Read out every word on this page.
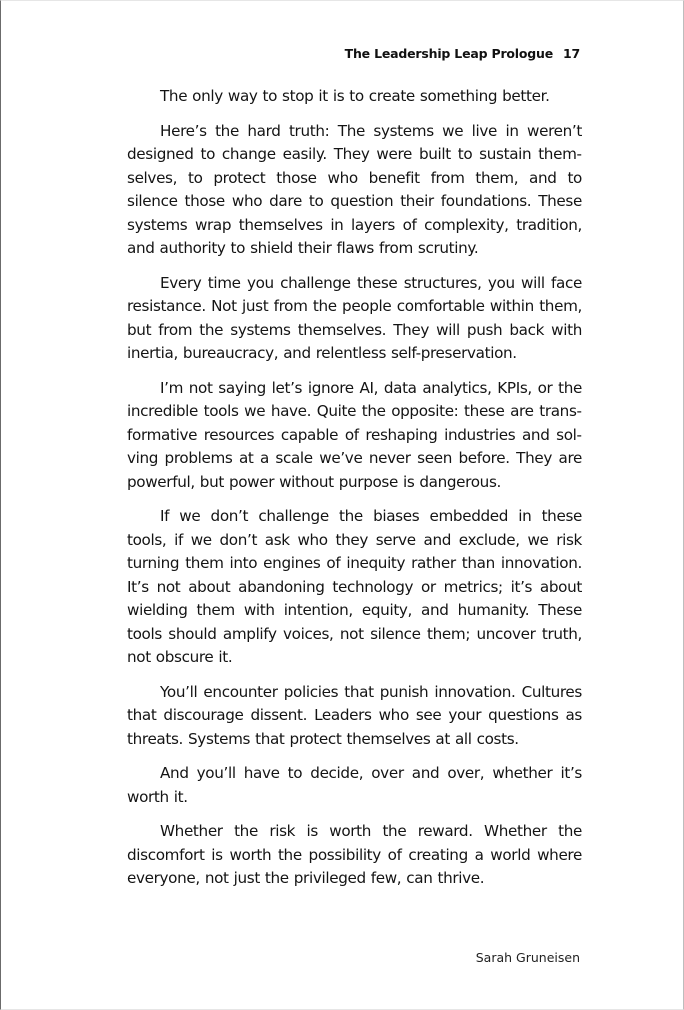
The Leadership Leap Prologue 17

The only way to stop it is to create something better.

Here’s the hard truth: The systems we live in weren’t designed to change easily. They were built to sustain themselves, to protect those who benefit from them, and to silence those who dare to question their foundations. These systems wrap themselves in layers of complexity, tradition, and authority to shield their flaws from scrutiny.

Every time you challenge these structures, you will face resistance. Not just from the people comfortable within them, but from the systems themselves. They will push back with inertia, bureaucracy, and relentless self-preservation.

I’m not saying let’s ignore AI, data analytics, KPIs, or the incredible tools we have. Quite the opposite: these are transformative resources capable of reshaping industries and solving problems at a scale we’ve never seen before. They are powerful, but power without purpose is dangerous.

If we don’t challenge the biases embedded in these tools, if we don’t ask who they serve and exclude, we risk turning them into engines of inequity rather than innovation. It’s not about abandoning technology or metrics; it’s about wielding them with intention, equity, and humanity. These tools should amplify voices, not silence them; uncover truth, not obscure it.

You’ll encounter policies that punish innovation. Cultures that discourage dissent. Leaders who see your questions as threats. Systems that protect themselves at all costs.

And you’ll have to decide, over and over, whether it’s worth it.

Whether the risk is worth the reward. Whether the discomfort is worth the possibility of creating a world where everyone, not just the privileged few, can thrive.

Sarah Gruneisen
